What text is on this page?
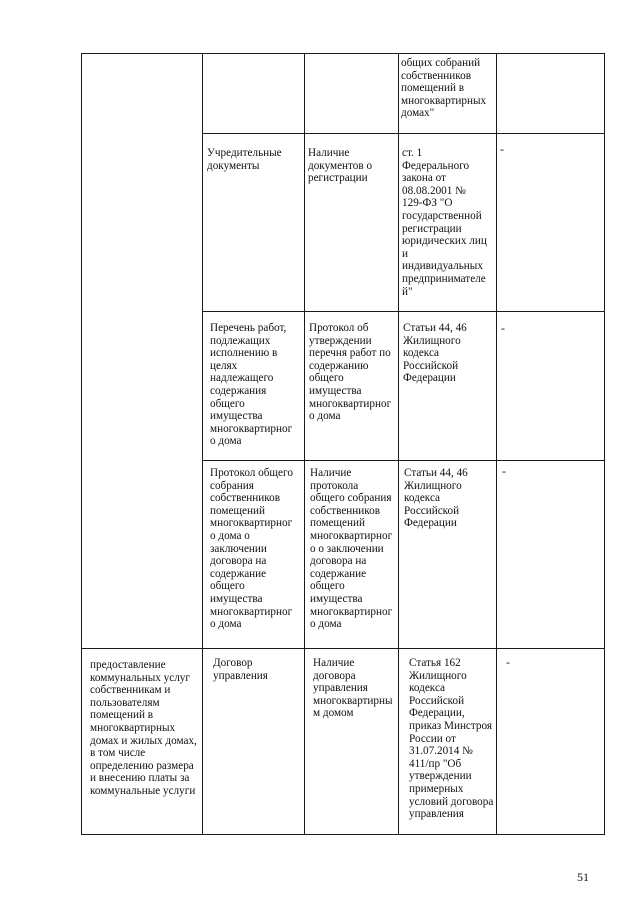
общих собраний
собственников
помещений в
многоквартирных
домах"
Учредительные
документы
Наличие
документов о
регистрации
ст. 1
Федерального
закона от
08.08.2001 №
129-ФЗ "О
государственной
регистрации
юридических лиц
и
индивидуальных
предпринимателе
й"
-
Перечень работ,
подлежащих
исполнению в
целях
надлежащего
содержания
общего
имущества
многоквартирног
о дома
Протокол об
утверждении
перечня работ по
содержанию
общего
имущества
многоквартирног
о дома
Статьи 44, 46
Жилищного
кодекса
Российской
Федерации
-
Протокол общего
собрания
собственников
помещений
многоквартирног
о дома о
заключении
договора на
содержание
общего
имущества
многоквартирног
о дома
Наличие
протокола
общего собрания
собственников
помещений
многоквартирног
о о заключении
договора на
содержание
общего
имущества
многоквартирног
о дома
Статьи 44, 46
Жилищного
кодекса
Российской
Федерации
-
предоставление
коммунальных услуг
собственникам и
пользователям
помещений в
многоквартирных
домах и жилых домах,
в том числе
определению размера
и внесению платы за
коммунальные услуги
Договор
управления
Наличие
договора
управления
многоквартирны
м домом
Статья 162
Жилищного
кодекса
Российской
Федерации,
приказ Минстроя
России от
31.07.2014 №
411/пр "Об
утверждении
примерных
условий договора
управления
-
51
